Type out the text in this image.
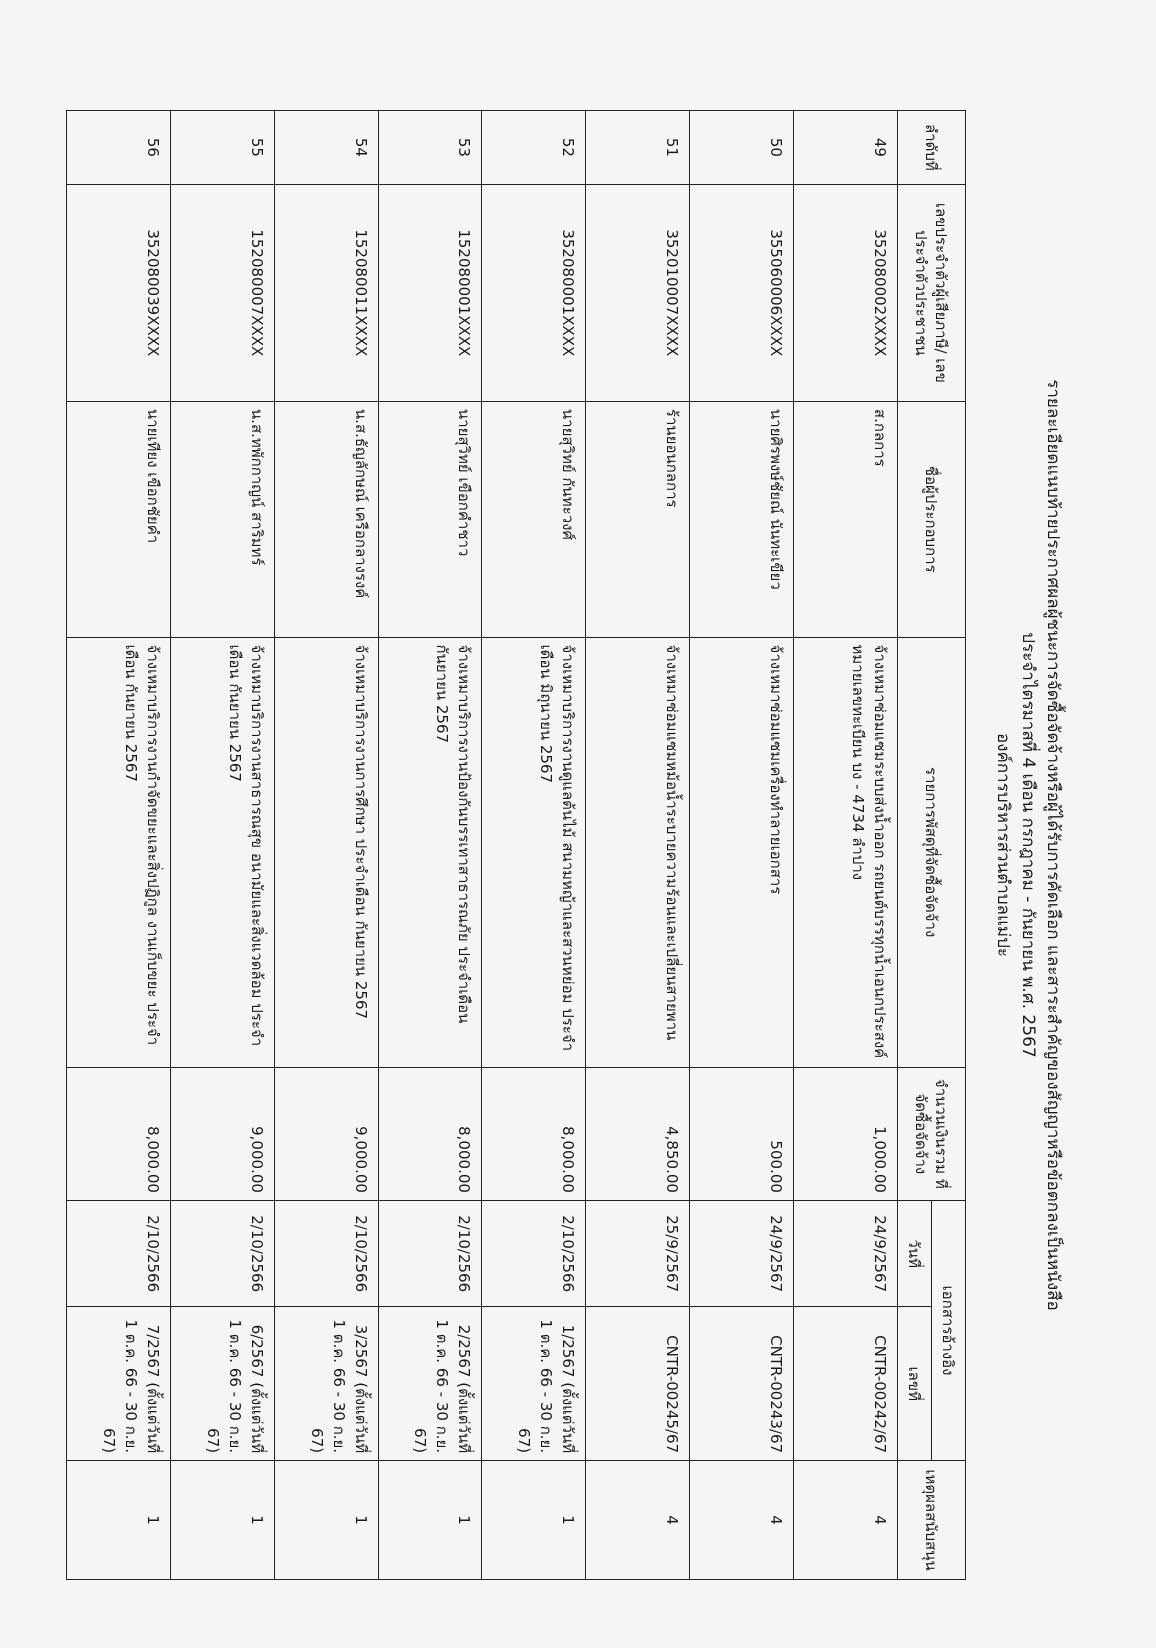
รายละเอียดแนบท้ายประกาศผลผู้ชนะการจัดซื้อจัดจ้างหรือผู้ได้รับการคัดเลือก และสาระสำคัญของสัญญาหรือข้อตกลงเป็นหนังสือ
ประจำไตรมาสที่ 4 เดือน กรกฎาคม - กันยายน พ.ศ. 2567
องค์การบริหารส่วนตำบลแม่ปะ
ลำดับที่	เลขประจำตัวผู้เสียภาษี/ เลขประจำตัวประชาชน	ชื่อผู้ประกอบการ	รายการพัสดุที่จัดซื้อจัดจ้าง	จำนวนเงินรวม ที่จัดซื้อจัดจ้าง	เอกสารอ้างอิง		เหตุผลสนับสนุน
					วันที่	เลขที่	
49	352080002XXXX	ส.กลการ	จ้างเหมาซ่อมแซมระบบส่งน้ำออก รถยนต์บรรทุกน้ำเอนกประสงค์ หมายเลขทะเบียน บง - 4734 ลำปาง	1,000.00	24/9/2567	CNTR-00242/67	4
50	355060006XXXX	นายศิรพงษ์ชัยณ์ นันทะเขียว	จ้างเหมาซ่อมแซมเครื่องทำลายเอกสาร	500.00	24/9/2567	CNTR-00243/67	4
51	352010007XXXX	ร้านยอนกลการ	จ้างเหมาซ่อมแซมหม้อน้ำระบายความร้อนและเปลี่ยนสายพาน	4,850.00	25/9/2567	CNTR-00245/67	4
52	352080001XXXX	นายสุวิทย์ กันทะวงศ์	จ้างเหมาบริการงานดูแลต้นไม้ สนามหญ้าและสวนหย่อม ประจำเดือน มิถุนายน 2567	8,000.00	2/10/2566	1/2567 (ตั้งแต่วันที่ 1 ต.ค. 66 - 30 ก.ย. 67)	1
53	152080001XXXX	นายสุวิทย์ เขือกคำชาว	จ้างเหมาบริการงานป้องกันบรรเทาสาธารณภัย ประจำเดือน กันยายน 2567	8,000.00	2/10/2566	2/2567 (ตั้งแต่วันที่ 1 ต.ค. 66 - 30 ก.ย. 67)	1
54	152080011XXXX	น.ส.ธัญลักษณ์ เครือกลางรงค์	จ้างเหมาบริการงานการศึกษา ประจำเดือน กันยายน 2567	9,000.00	2/10/2566	3/2567 (ตั้งแต่วันที่ 1 ต.ค. 66 - 30 ก.ย. 67)	1
55	152080007XXXX	น.ส.ทพักกาญน์ สาริมทร์	จ้างเหมาบริการงานสาธารณสุข อนามัยและสิ่งแวดล้อม ประจำเดือน กันยายน 2567	9,000.00	2/10/2566	6/2567 (ตั้งแต่วันที่ 1 ต.ค. 66 - 30 ก.ย. 67)	1
56	352080039XXXX	นายเทียง เขือกชัยคำ	จ้างเหมาบริการงานกำจัดขยะและสิ่งปฏิกูล งานเก็บขยะ ประจำเดือน กันยายน 2567	8,000.00	2/10/2566	7/2567 (ตั้งแต่วันที่ 1 ต.ค. 66 - 30 ก.ย. 67)	1
